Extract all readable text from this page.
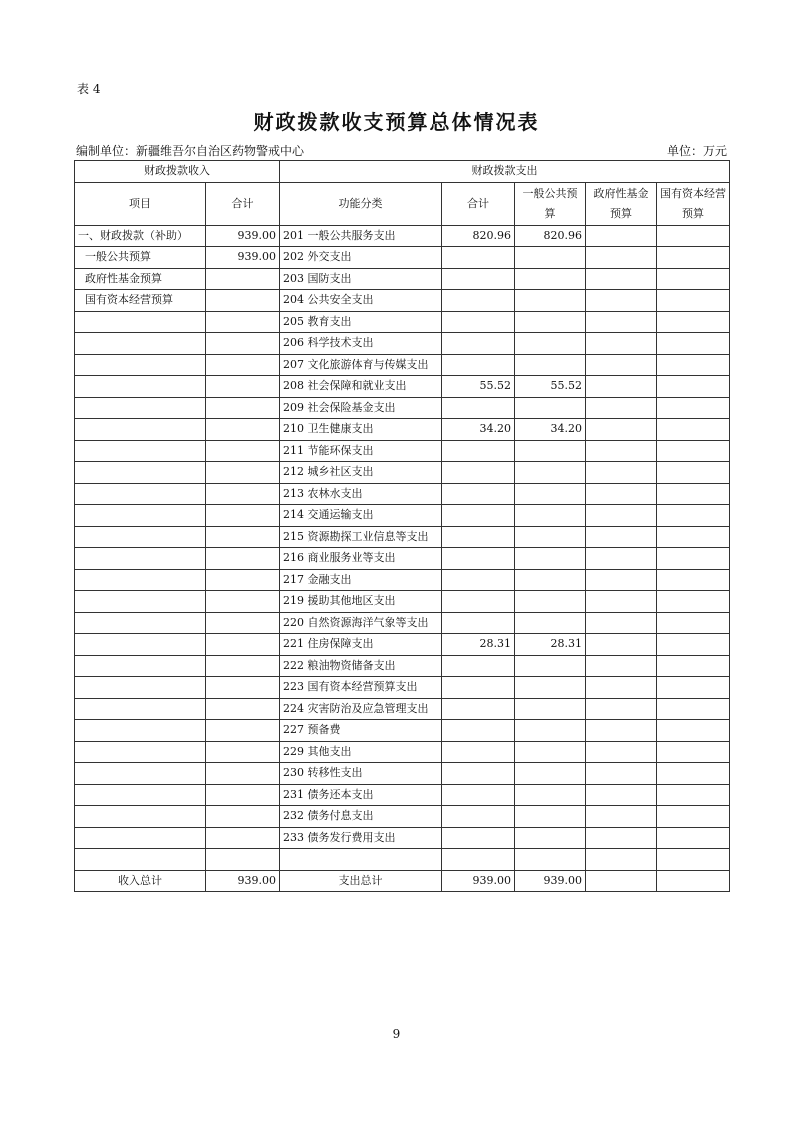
表 4
财政拨款收支预算总体情况表
编制单位：新疆维吾尔自治区药物警戒中心	单位：万元
财政拨款收入		财政拨款支出				
项目	合计	功能分类	合计	一般公共预算	政府性基金预算	国有资本经营预算
一、财政拨款（补助）	939.00	201 一般公共服务支出	820.96	820.96		
一般公共预算	939.00	202 外交支出				
政府性基金预算		203 国防支出				
国有资本经营预算		204 公共安全支出				
		205 教育支出				
		206 科学技术支出				
		207 文化旅游体育与传媒支出				
		208 社会保障和就业支出	55.52	55.52		
		209 社会保险基金支出				
		210 卫生健康支出	34.20	34.20		
		211 节能环保支出				
		212 城乡社区支出				
		213 农林水支出				
		214 交通运输支出				
		215 资源勘探工业信息等支出				
		216 商业服务业等支出				
		217 金融支出				
		219 援助其他地区支出				
		220 自然资源海洋气象等支出				
		221 住房保障支出	28.31	28.31		
		222 粮油物资储备支出				
		223 国有资本经营预算支出				
		224 灾害防治及应急管理支出				
		227 预备费				
		229 其他支出				
		230 转移性支出				
		231 债务还本支出				
		232 债务付息支出				
		233 债务发行费用支出				

收入总计	939.00	支出总计	939.00	939.00		
9
